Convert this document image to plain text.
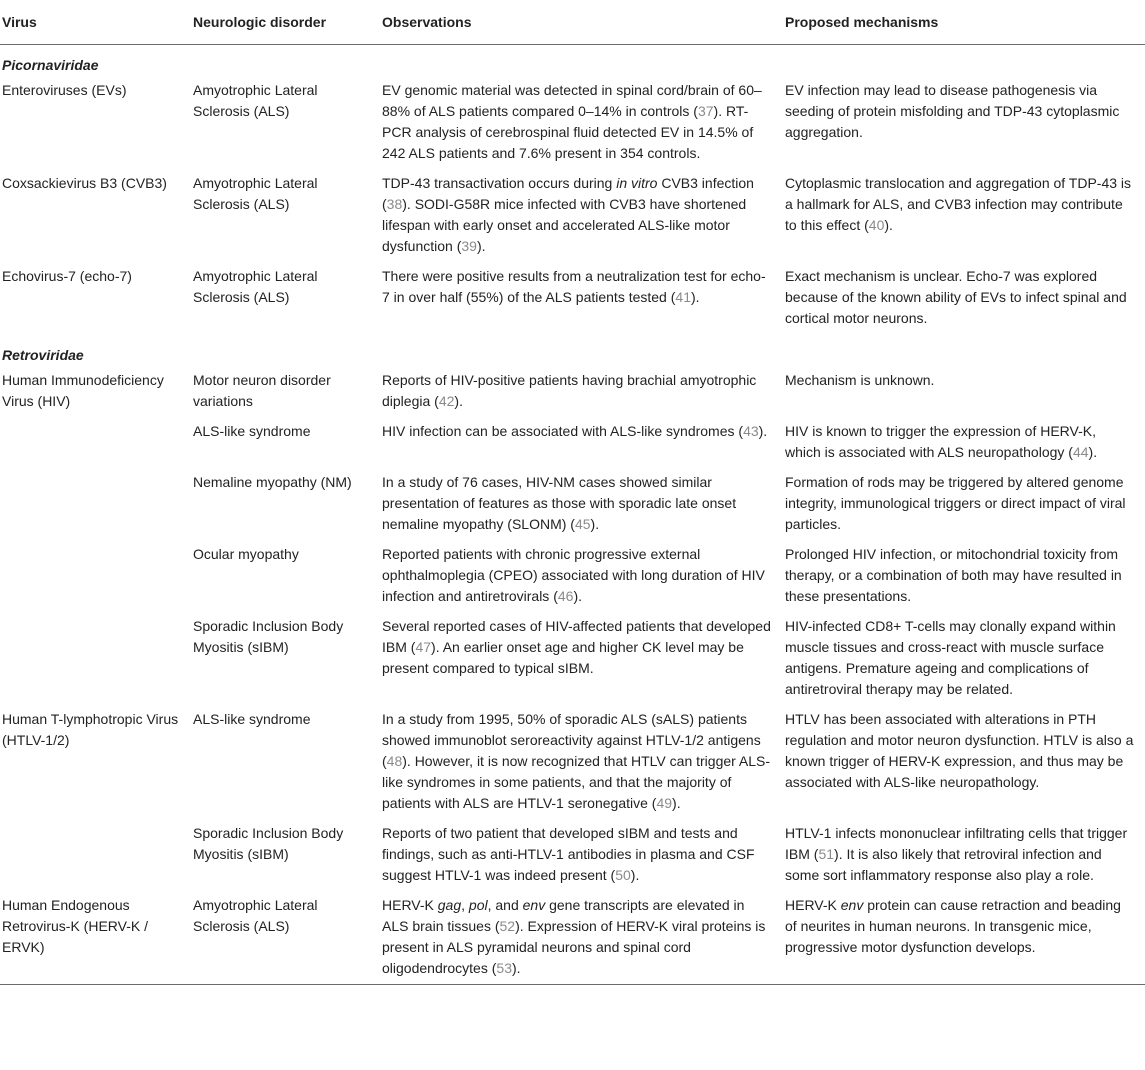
Virus	Neurologic disorder	Observations	Proposed mechanisms
Picornaviridae			
Enteroviruses (EVs)	Amyotrophic Lateral Sclerosis (ALS)	EV genomic material was detected in spinal cord/brain of 60–88% of ALS patients compared 0–14% in controls (37). RT-PCR analysis of cerebrospinal fluid detected EV in 14.5% of 242 ALS patients and 7.6% present in 354 controls.	EV infection may lead to disease pathogenesis via seeding of protein misfolding and TDP-43 cytoplasmic aggregation.
Coxsackievirus B3 (CVB3)	Amyotrophic Lateral Sclerosis (ALS)	TDP-43 transactivation occurs during in vitro CVB3 infection (38). SODI-G58R mice infected with CVB3 have shortened lifespan with early onset and accelerated ALS-like motor dysfunction (39).	Cytoplasmic translocation and aggregation of TDP-43 is a hallmark for ALS, and CVB3 infection may contribute to this effect (40).
Echovirus-7 (echo-7)	Amyotrophic Lateral Sclerosis (ALS)	There were positive results from a neutralization test for echo-7 in over half (55%) of the ALS patients tested (41).	Exact mechanism is unclear. Echo-7 was explored because of the known ability of EVs to infect spinal and cortical motor neurons.
Retroviridae			
Human Immunodeficiency Virus (HIV)	Motor neuron disorder variations	Reports of HIV-positive patients having brachial amyotrophic diplegia (42).	Mechanism is unknown.
	ALS-like syndrome	HIV infection can be associated with ALS-like syndromes (43).	HIV is known to trigger the expression of HERV-K, which is associated with ALS neuropathology (44).
	Nemaline myopathy (NM)	In a study of 76 cases, HIV-NM cases showed similar presentation of features as those with sporadic late onset nemaline myopathy (SLONM) (45).	Formation of rods may be triggered by altered genome integrity, immunological triggers or direct impact of viral particles.
	Ocular myopathy	Reported patients with chronic progressive external ophthalmoplegia (CPEO) associated with long duration of HIV infection and antiretrovirals (46).	Prolonged HIV infection, or mitochondrial toxicity from therapy, or a combination of both may have resulted in these presentations.
	Sporadic Inclusion Body Myositis (sIBM)	Several reported cases of HIV-affected patients that developed IBM (47). An earlier onset age and higher CK level may be present compared to typical sIBM.	HIV-infected CD8+ T-cells may clonally expand within muscle tissues and cross-react with muscle surface antigens. Premature ageing and complications of antiretroviral therapy may be related.
Human T-lymphotropic Virus (HTLV-1/2)	ALS-like syndrome	In a study from 1995, 50% of sporadic ALS (sALS) patients showed immunoblot seroreactivity against HTLV-1/2 antigens (48). However, it is now recognized that HTLV can trigger ALS-like syndromes in some patients, and that the majority of patients with ALS are HTLV-1 seronegative (49).	HTLV has been associated with alterations in PTH regulation and motor neuron dysfunction. HTLV is also a known trigger of HERV-K expression, and thus may be associated with ALS-like neuropathology.
	Sporadic Inclusion Body Myositis (sIBM)	Reports of two patient that developed sIBM and tests and findings, such as anti-HTLV-1 antibodies in plasma and CSF suggest HTLV-1 was indeed present (50).	HTLV-1 infects mononuclear infiltrating cells that trigger IBM (51). It is also likely that retroviral infection and some sort inflammatory response also play a role.
Human Endogenous Retrovirus-K (HERV-K / ERVK)	Amyotrophic Lateral Sclerosis (ALS)	HERV-K gag, pol, and env gene transcripts are elevated in ALS brain tissues (52). Expression of HERV-K viral proteins is present in ALS pyramidal neurons and spinal cord oligodendrocytes (53).	HERV-K env protein can cause retraction and beading of neurites in human neurons. In transgenic mice, progressive motor dysfunction develops.
